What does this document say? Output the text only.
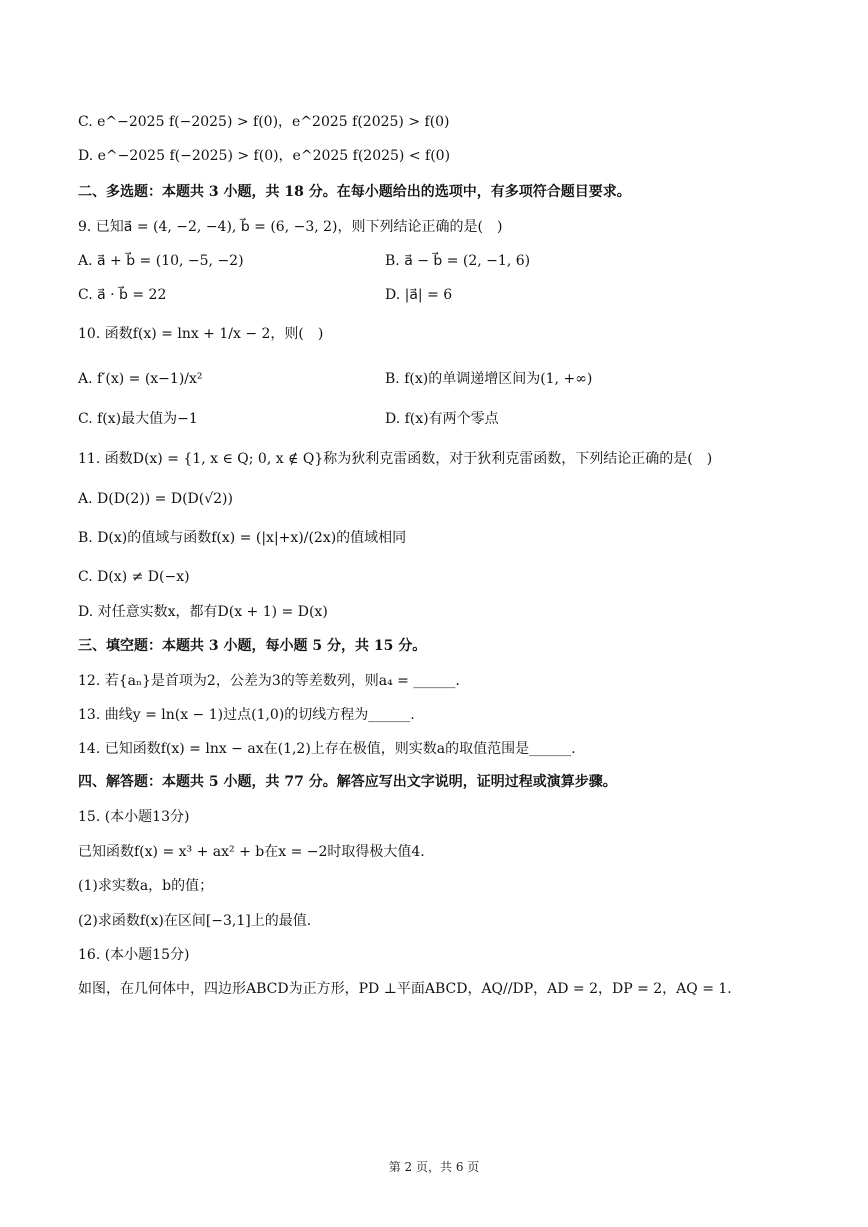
C. e^−2025 f(−2025) > f(0)，e^2025 f(2025) > f(0)
D. e^−2025 f(−2025) > f(0)，e^2025 f(2025) < f(0)
二、多选题：本题共 3 小题，共 18 分。在每小题给出的选项中，有多项符合题目要求。
9. 已知a⃗ = (4, −2, −4), b⃗ = (6, −3, 2)，则下列结论正确的是(　)
A. a⃗ + b⃗ = (10, −5, −2)	B. a⃗ − b⃗ = (2, −1, 6)
C. a⃗ · b⃗ = 22	D. |a⃗| = 6
10. 函数f(x) = lnx + 1/x − 2，则(　)
A. f′(x) = (x−1)/x²	B. f(x)的单调递增区间为(1, +∞)
C. f(x)最大值为−1	D. f(x)有两个零点
11. 函数D(x) = {1, x ∈ Q; 0, x ∉ Q}称为狄利克雷函数，对于狄利克雷函数，下列结论正确的是(　)
A. D(D(2)) = D(D(√2))
B. D(x)的值域与函数f(x) = (|x|+x)/(2x)的值域相同
C. D(x) ≠ D(−x)
D. 对任意实数x，都有D(x + 1) = D(x)
三、填空题：本题共 3 小题，每小题 5 分，共 15 分。
12. 若{aₙ}是首项为2，公差为3的等差数列，则a₄ = ______.
13. 曲线y = ln(x − 1)过点(1,0)的切线方程为______.
14. 已知函数f(x) = lnx − ax在(1,2)上存在极值，则实数a的取值范围是______.
四、解答题：本题共 5 小题，共 77 分。解答应写出文字说明，证明过程或演算步骤。
15. (本小题13分)
已知函数f(x) = x³ + ax² + b在x = −2时取得极大值4.
(1)求实数a，b的值；
(2)求函数f(x)在区间[−3,1]上的最值.
16. (本小题15分)
如图，在几何体中，四边形ABCD为正方形，PD ⊥平面ABCD，AQ//DP，AD = 2，DP = 2，AQ = 1.
第 2 页，共 6 页
